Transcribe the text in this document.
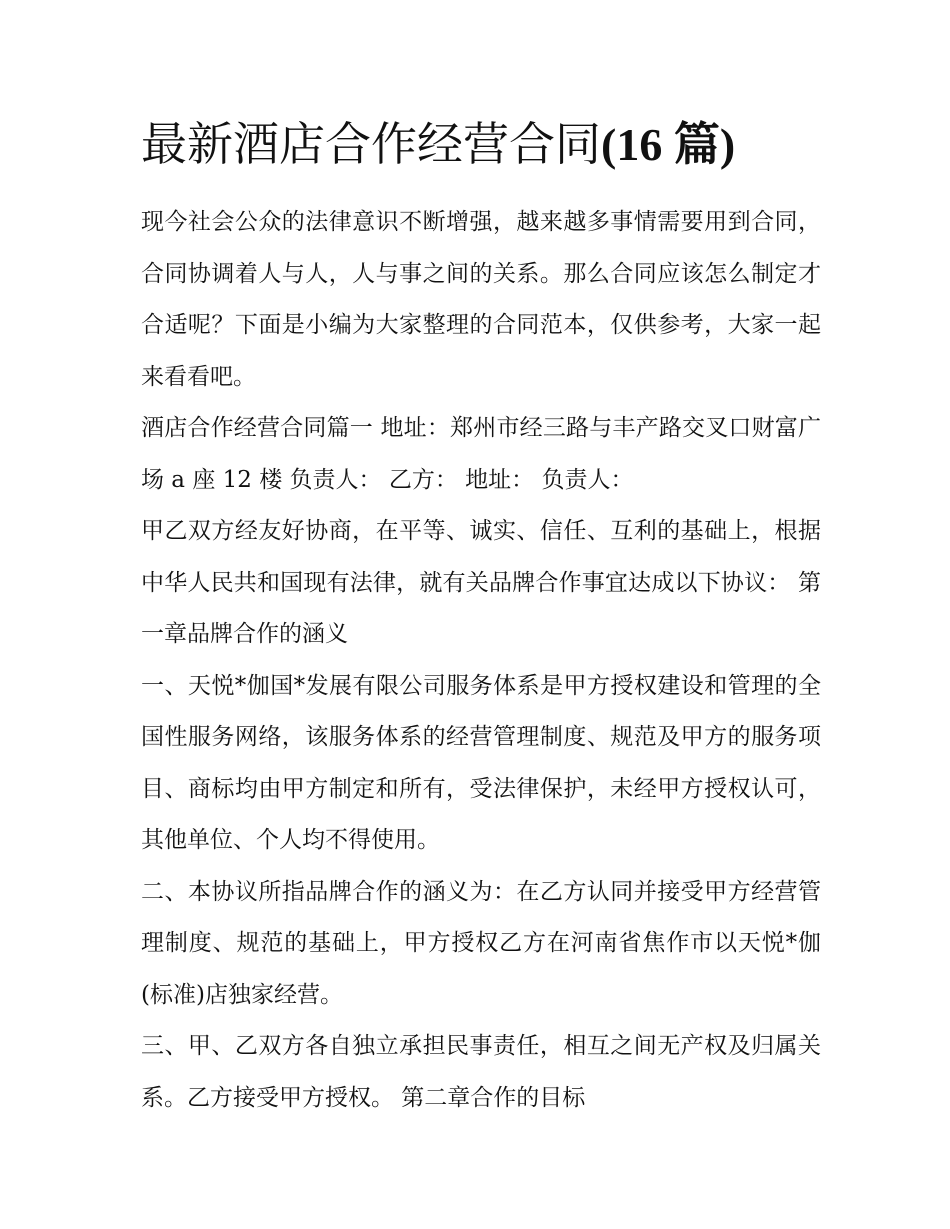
最新酒店合作经营合同(16 篇)

现今社会公众的法律意识不断增强，越来越多事情需要用到合同，合同协调着人与人，人与事之间的关系。那么合同应该怎么制定才合适呢？下面是小编为大家整理的合同范本，仅供参考，大家一起来看看吧。

酒店合作经营合同篇一 地址：郑州市经三路与丰产路交叉口财富广场 a 座 12 楼 负责人： 乙方： 地址： 负责人：

甲乙双方经友好协商，在平等、诚实、信任、互利的基础上，根据中华人民共和国现有法律，就有关品牌合作事宜达成以下协议： 第一章品牌合作的涵义

一、天悦*伽国*发展有限公司服务体系是甲方授权建设和管理的全国性服务网络，该服务体系的经营管理制度、规范及甲方的服务项目、商标均由甲方制定和所有，受法律保护，未经甲方授权认可，其他单位、个人均不得使用。

二、本协议所指品牌合作的涵义为：在乙方认同并接受甲方经营管理制度、规范的基础上，甲方授权乙方在河南省焦作市以天悦*伽(标准)店独家经营。

三、甲、乙双方各自独立承担民事责任，相互之间无产权及归属关系。乙方接受甲方授权。 第二章合作的目标
